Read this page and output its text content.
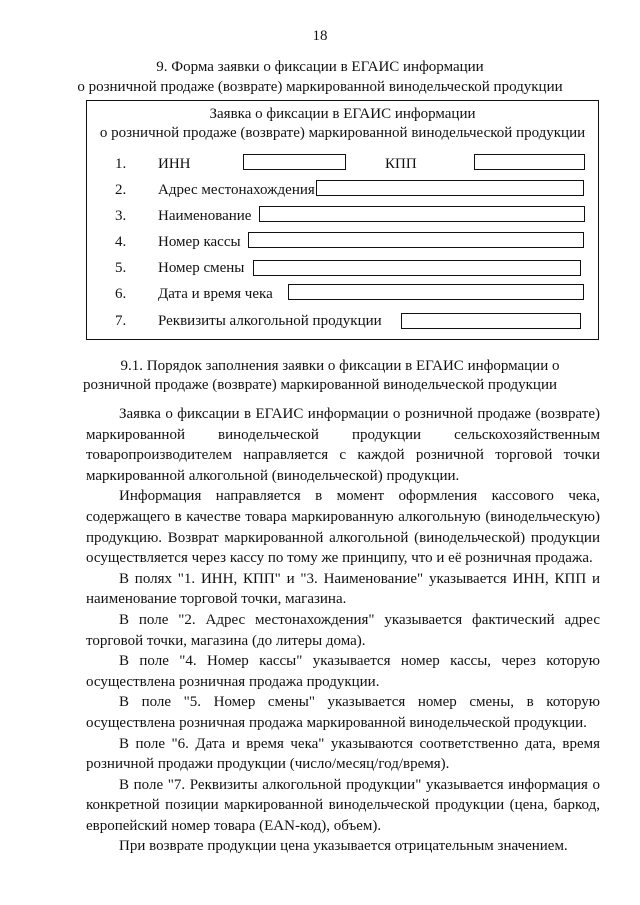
18
9. Форма заявки о фиксации в ЕГАИС информации
о розничной продаже (возврате) маркированной винодельческой продукции
Заявка о фиксации в ЕГАИС информации
о розничной продаже (возврате) маркированной винодельческой продукции
1. ИНН	КПП
2. Адрес местонахождения
3. Наименование
4. Номер кассы
5. Номер смены
6. Дата и время чека
7. Реквизиты алкогольной продукции
9.1. Порядок заполнения заявки о фиксации в ЕГАИС информации о
розничной продаже (возврате) маркированной винодельческой продукции

Заявка о фиксации в ЕГАИС информации о розничной продаже (возврате) маркированной винодельческой продукции сельскохозяйственным товаропроизводителем направляется с каждой розничной торговой точки маркированной алкогольной (винодельческой) продукции.

Информация направляется в момент оформления кассового чека, содержащего в качестве товара маркированную алкогольную (винодельческую) продукцию. Возврат маркированной алкогольной (винодельческой) продукции осуществляется через кассу по тому же принципу, что и её розничная продажа.

В полях "1. ИНН, КПП" и "3. Наименование" указывается ИНН, КПП и наименование торговой точки, магазина.

В поле "2. Адрес местонахождения" указывается фактический адрес торговой точки, магазина (до литеры дома).

В поле "4. Номер кассы" указывается номер кассы, через которую осуществлена розничная продажа продукции.

В поле "5. Номер смены" указывается номер смены, в которую осуществлена розничная продажа маркированной винодельческой продукции.

В поле "6. Дата и время чека" указываются соответственно дата, время розничной продажи продукции (число/месяц/год/время).

В поле "7. Реквизиты алкогольной продукции" указывается информация о конкретной позиции маркированной винодельческой продукции (цена, баркод, европейский номер товара (EAN-код), объем).

При возврате продукции цена указывается отрицательным значением.
